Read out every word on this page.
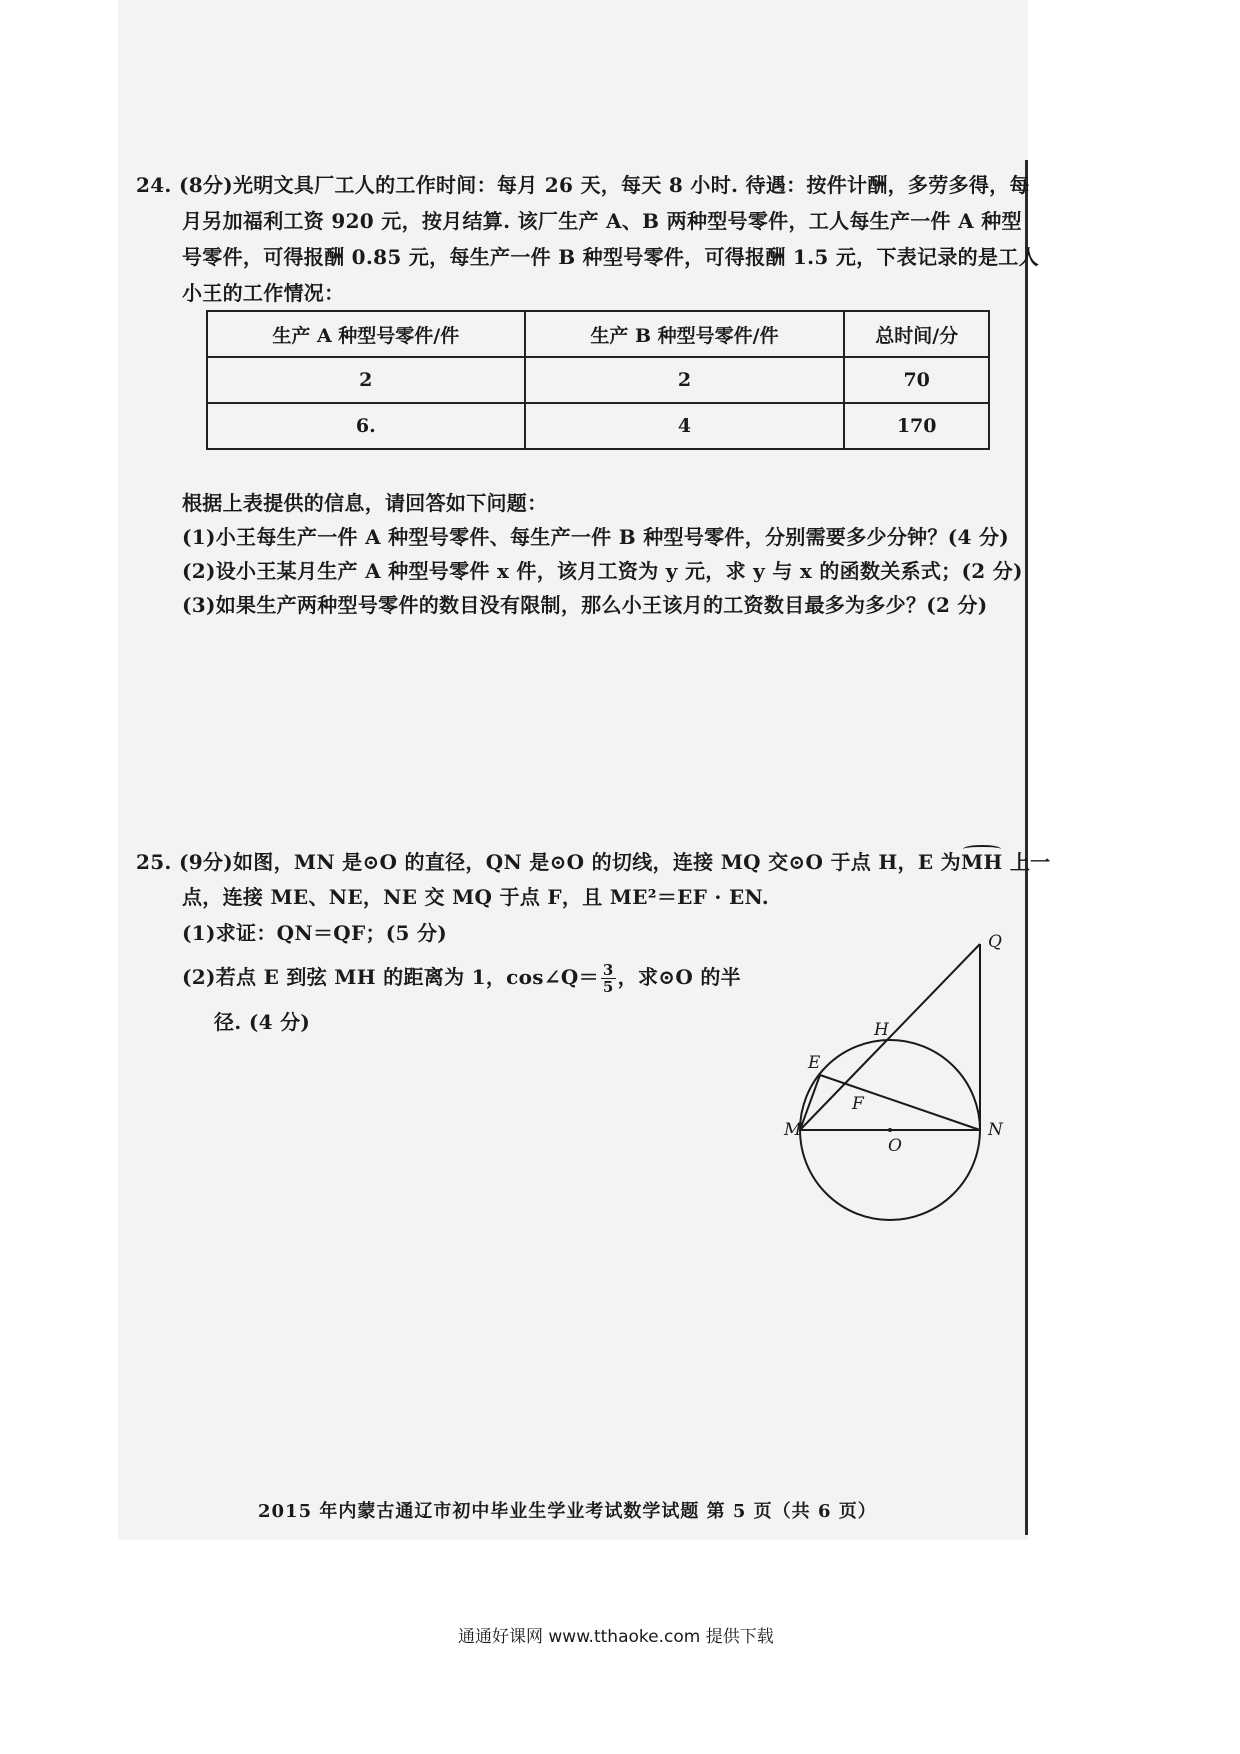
24. (8分)光明文具厂工人的工作时间：每月 26 天，每天 8 小时. 待遇：按件计酬，多劳多得，每
月另加福利工资 920 元，按月结算. 该厂生产 A、B 两种型号零件，工人每生产一件 A 种型
号零件，可得报酬 0.85 元，每生产一件 B 种型号零件，可得报酬 1.5 元，下表记录的是工人
小王的工作情况：
生产 A 种型号零件/件	生产 B 种型号零件/件	总时间/分
2	2	70
6.	4	170
根据上表提供的信息，请回答如下问题：
(1)小王每生产一件 A 种型号零件、每生产一件 B 种型号零件，分别需要多少分钟？(4 分)
(2)设小王某月生产 A 种型号零件 x 件，该月工资为 y 元，求 y 与 x 的函数关系式；(2 分)
(3)如果生产两种型号零件的数目没有限制，那么小王该月的工资数目最多为多少？(2 分)
25. (9分)如图，MN 是⊙O 的直径，QN 是⊙O 的切线，连接 MQ 交⊙O 于点 H，E 为MH 上一
点，连接 ME、NE，NE 交 MQ 于点 F，且 ME²＝EF · EN.
(1)求证：QN＝QF；(5 分)
(2)若点 E 到弦 MH 的距离为 1，cos∠Q＝ $\frac{3}{5}$ ，求⊙O 的半
径. (4 分)
Q
H
E
F
M
O
N
2015 年内蒙古通辽市初中毕业生学业考试数学试题 第 5 页（共 6 页）
通通好课网 www.tthaoke.com 提供下载
